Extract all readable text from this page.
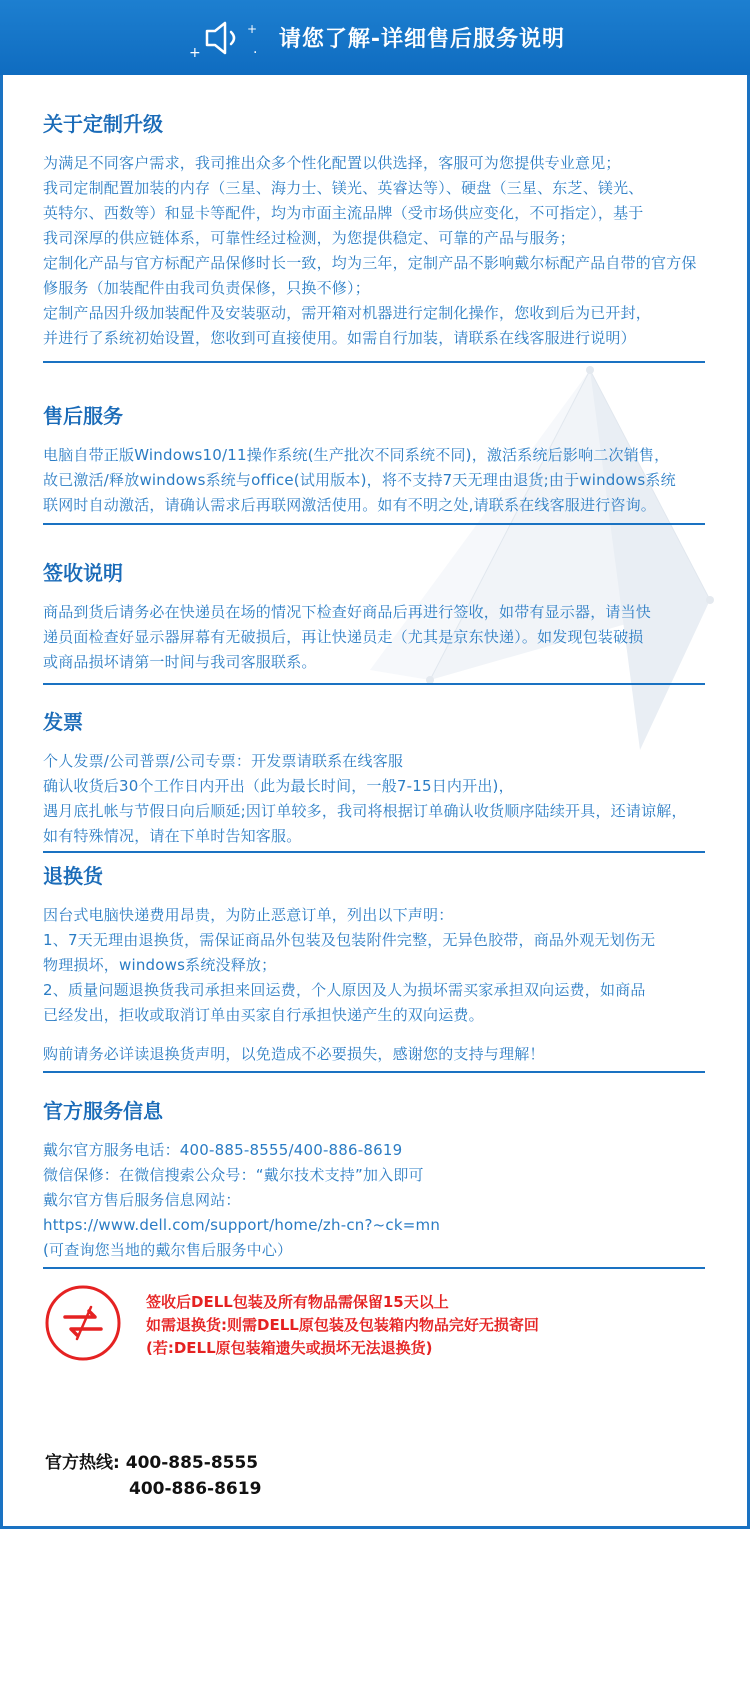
+
+
. 请您了解-详细售后服务说明
关于定制升级

为满足不同客户需求，我司推出众多个性化配置以供选择，客服可为您提供专业意见；
我司定制配置加装的内存（三星、海力士、镁光、英睿达等）、硬盘（三星、东芝、镁光、
英特尔、西数等）和显卡等配件，均为市面主流品牌（受市场供应变化，不可指定），基于
我司深厚的供应链体系，可靠性经过检测，为您提供稳定、可靠的产品与服务；
定制化产品与官方标配产品保修时长一致，均为三年，定制产品不影响戴尔标配产品自带的官方保
修服务（加装配件由我司负责保修，只换不修）；
定制产品因升级加装配件及安装驱动，需开箱对机器进行定制化操作，您收到后为已开封，
并进行了系统初始设置，您收到可直接使用。如需自行加装，请联系在线客服进行说明）

售后服务

电脑自带正版Windows10/11操作系统(生产批次不同系统不同)，激活系统后影响二次销售，
故已激活/释放windows系统与office(试用版本)，将不支持7天无理由退货;由于windows系统
联网时自动激活，请确认需求后再联网激活使用。如有不明之处,请联系在线客服进行咨询。

签收说明

商品到货后请务必在快递员在场的情况下检查好商品后再进行签收，如带有显示器，请当快
递员面检查好显示器屏幕有无破损后，再让快递员走（尤其是京东快递）。如发现包装破损
或商品损坏请第一时间与我司客服联系。

发票

个人发票/公司普票/公司专票：开发票请联系在线客服
确认收货后30个工作日内开出（此为最长时间，一般7-15日内开出)，
遇月底扎帐与节假日向后顺延;因订单较多，我司将根据订单确认收货顺序陆续开具，还请谅解，
如有特殊情况，请在下单时告知客服。

退换货

因台式电脑快递费用昂贵，为防止恶意订单，列出以下声明：
1、7天无理由退换货，需保证商品外包装及包装附件完整，无异色胶带，商品外观无划伤无
物理损坏，windows系统没释放；
2、质量问题退换货我司承担来回运费，个人原因及人为损坏需买家承担双向运费，如商品
已经发出，拒收或取消订单由买家自行承担快递产生的双向运费。

购前请务必详读退换货声明，以免造成不必要损失，感谢您的支持与理解！

官方服务信息

戴尔官方服务电话：400-885-8555/400-886-8619
微信保修：在微信搜索公众号：“戴尔技术支持”加入即可
戴尔官方售后服务信息网站：
https://www.dell.com/support/home/zh-cn?~ck=mn
(可查询您当地的戴尔售后服务中心）

签收后DELL包装及所有物品需保留15天以上
如需退换货:则需DELL原包装及包装箱内物品完好无损寄回
(若:DELL原包装箱遗失或损坏无法退换货)
官方热线: 400-885-8555
400-886-8619
